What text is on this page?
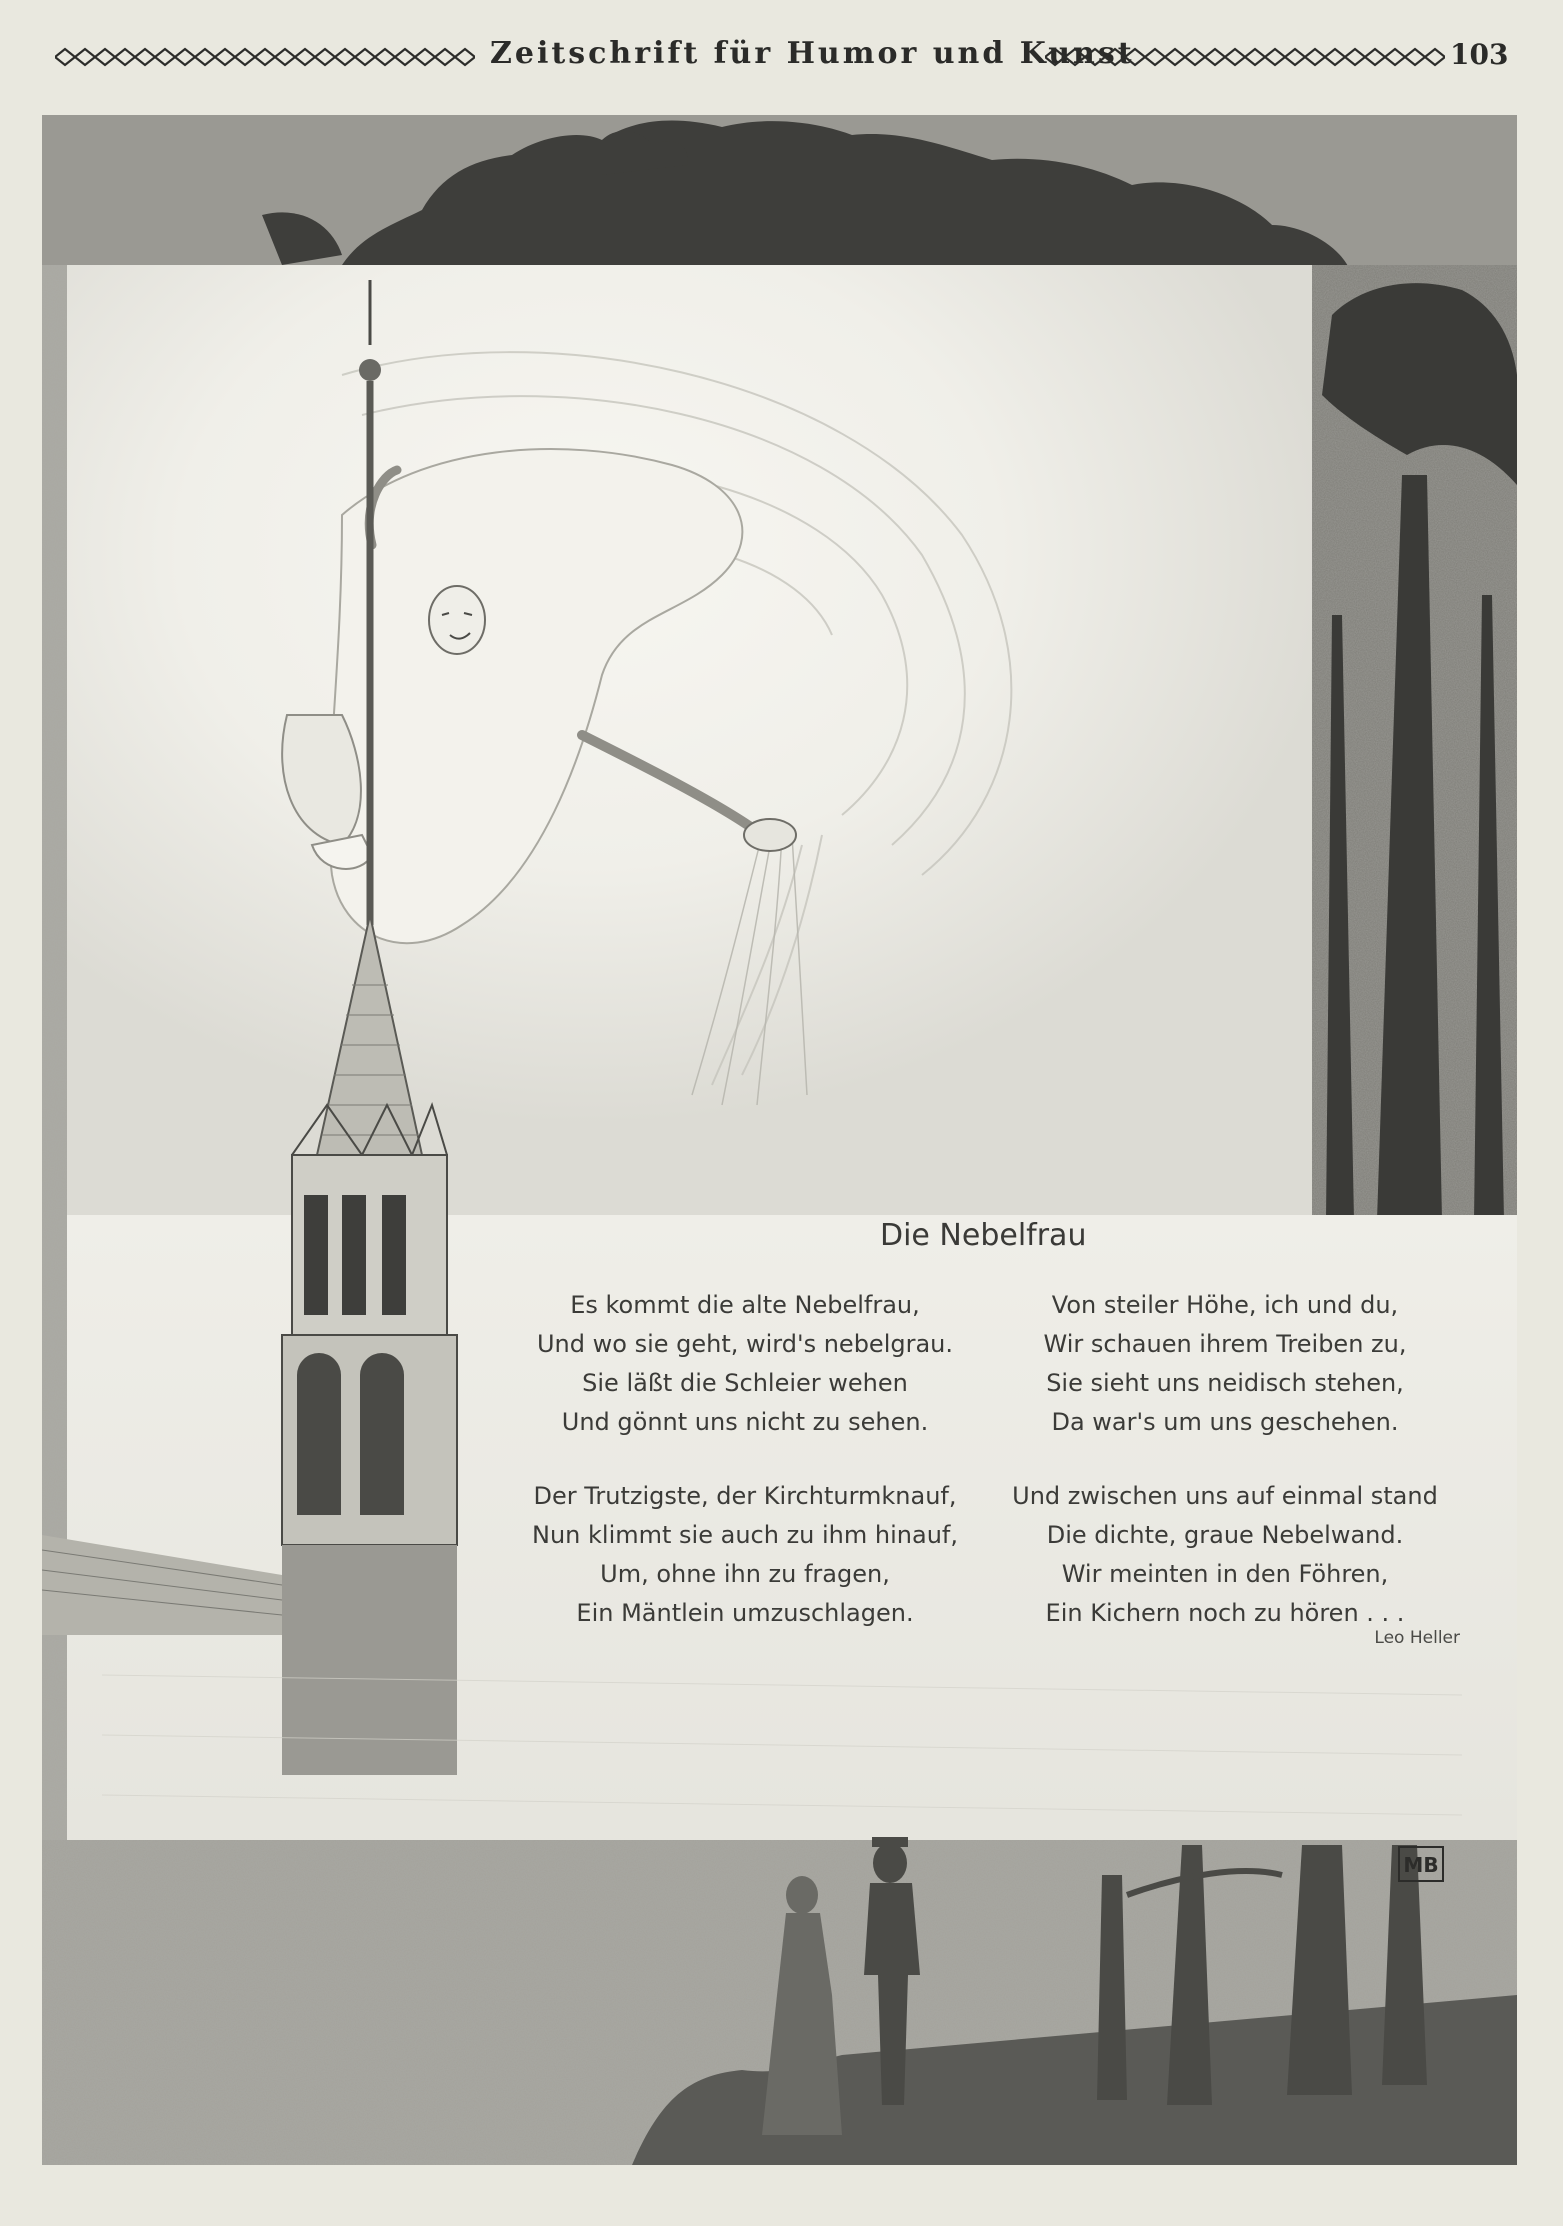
Zeitschrift für Humor und Kunst	103
MB
Die Nebelfrau
Es kommt die alte Nebelfrau,
Und wo sie geht, wird's nebelgrau.
Sie läßt die Schleier wehen
Und gönnt uns nicht zu sehen.
Von steiler Höhe, ich und du,
Wir schauen ihrem Treiben zu,
Sie sieht uns neidisch stehen,
Da war's um uns geschehen.
Der Trutzigste, der Kirchturmknauf,
Nun klimmt sie auch zu ihm hinauf,
Um, ohne ihn zu fragen,
Ein Mäntlein umzuschlagen.
Und zwischen uns auf einmal stand
Die dichte, graue Nebelwand.
Wir meinten in den Föhren,
Ein Kichern noch zu hören . . .
Leo Heller
